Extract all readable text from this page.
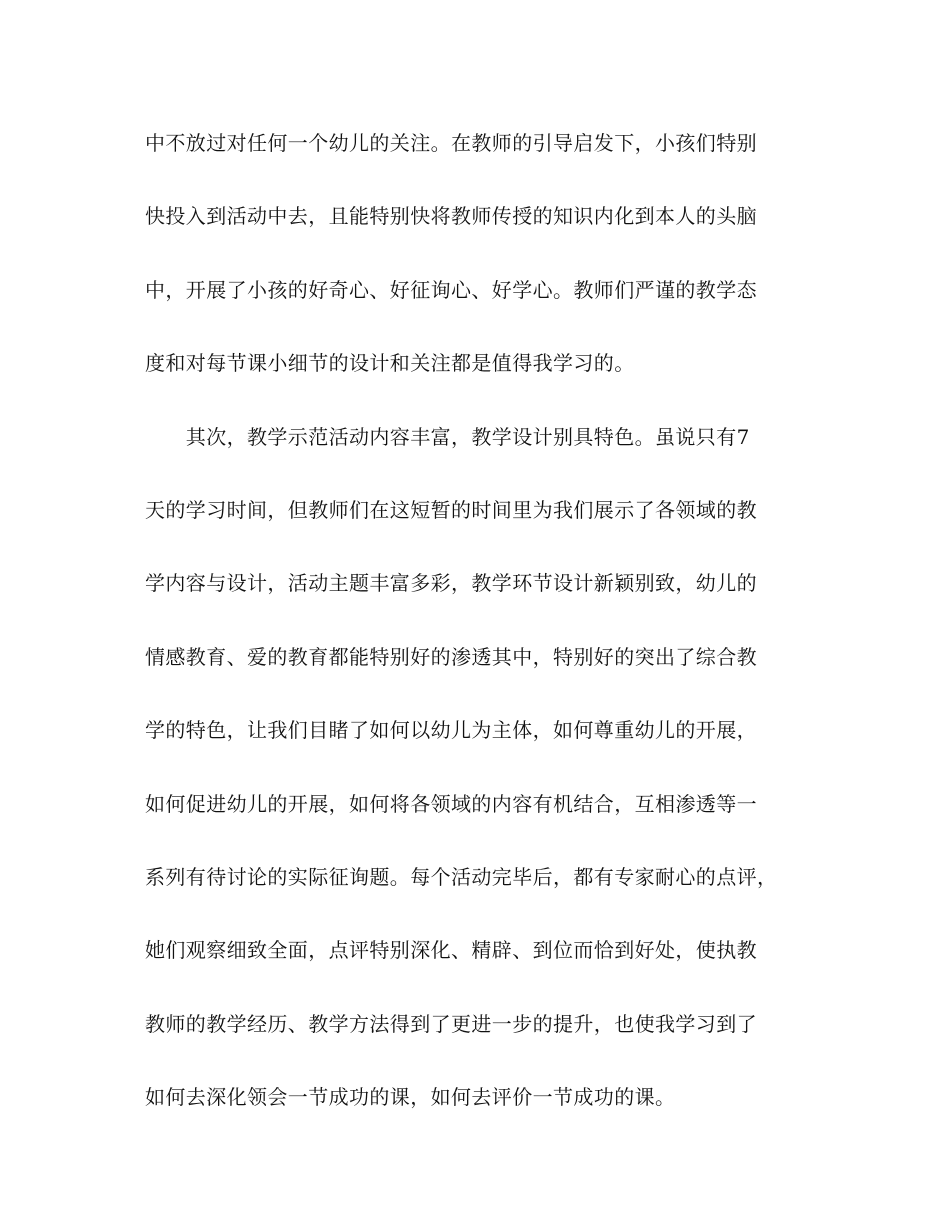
中不放过对任何一个幼儿的关注。在教师的引导启发下，小孩们特别
快投入到活动中去，且能特别快将教师传授的知识内化到本人的头脑
中，开展了小孩的好奇心、好征询心、好学心。教师们严谨的教学态
度和对每节课小细节的设计和关注都是值得我学习的。
　　其次，教学示范活动内容丰富，教学设计别具特色。虽说只有7
天的学习时间，但教师们在这短暂的时间里为我们展示了各领域的教
学内容与设计，活动主题丰富多彩，教学环节设计新颖别致，幼儿的
情感教育、爱的教育都能特别好的渗透其中，特别好的突出了综合教
学的特色，让我们目睹了如何以幼儿为主体，如何尊重幼儿的开展，
如何促进幼儿的开展，如何将各领域的内容有机结合，互相渗透等一
系列有待讨论的实际征询题。每个活动完毕后，都有专家耐心的点评，
她们观察细致全面，点评特别深化、精辟、到位而恰到好处，使执教
教师的教学经历、教学方法得到了更进一步的提升，也使我学习到了
如何去深化领会一节成功的课，如何去评价一节成功的课。
